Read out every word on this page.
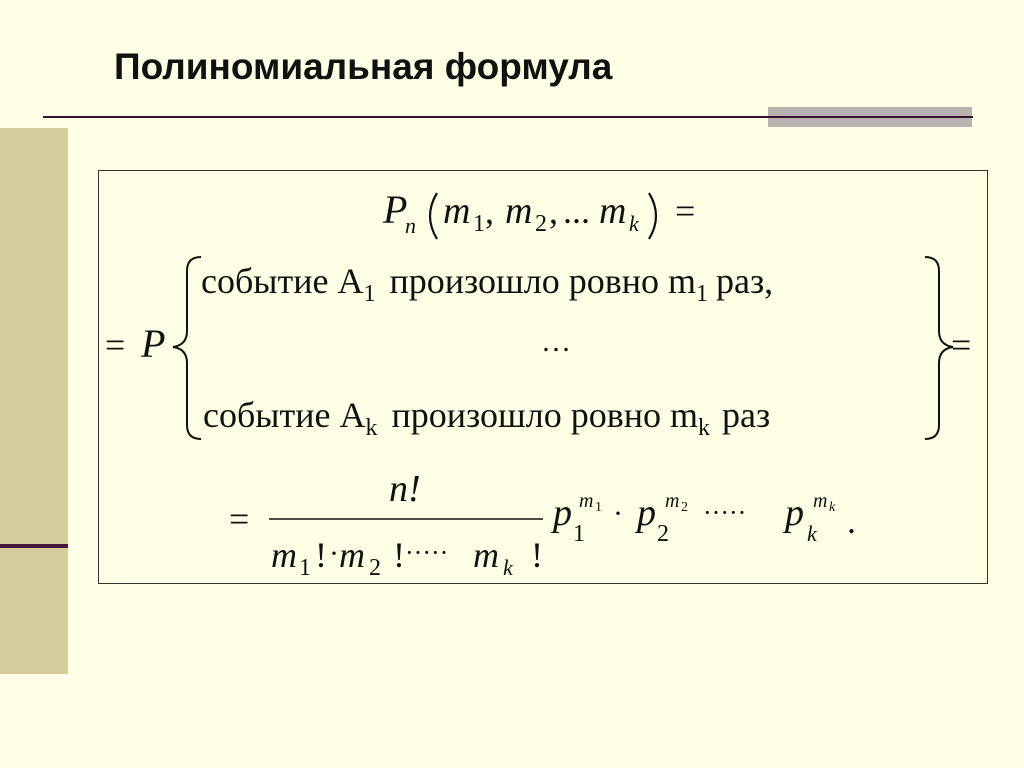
Полиномиальная формула
P
n m 1 , m 2 , ... m k =
= P
событие $А_1$ произошло ровно $m_1$ раз,
…
событие $А_k$ произошло ровно $m_k$ раз
=
=
n!
m 1 ! · m 2 ! ····· m k !
p 1
m 1 · p 2
m 2 ····· p k
m k .
